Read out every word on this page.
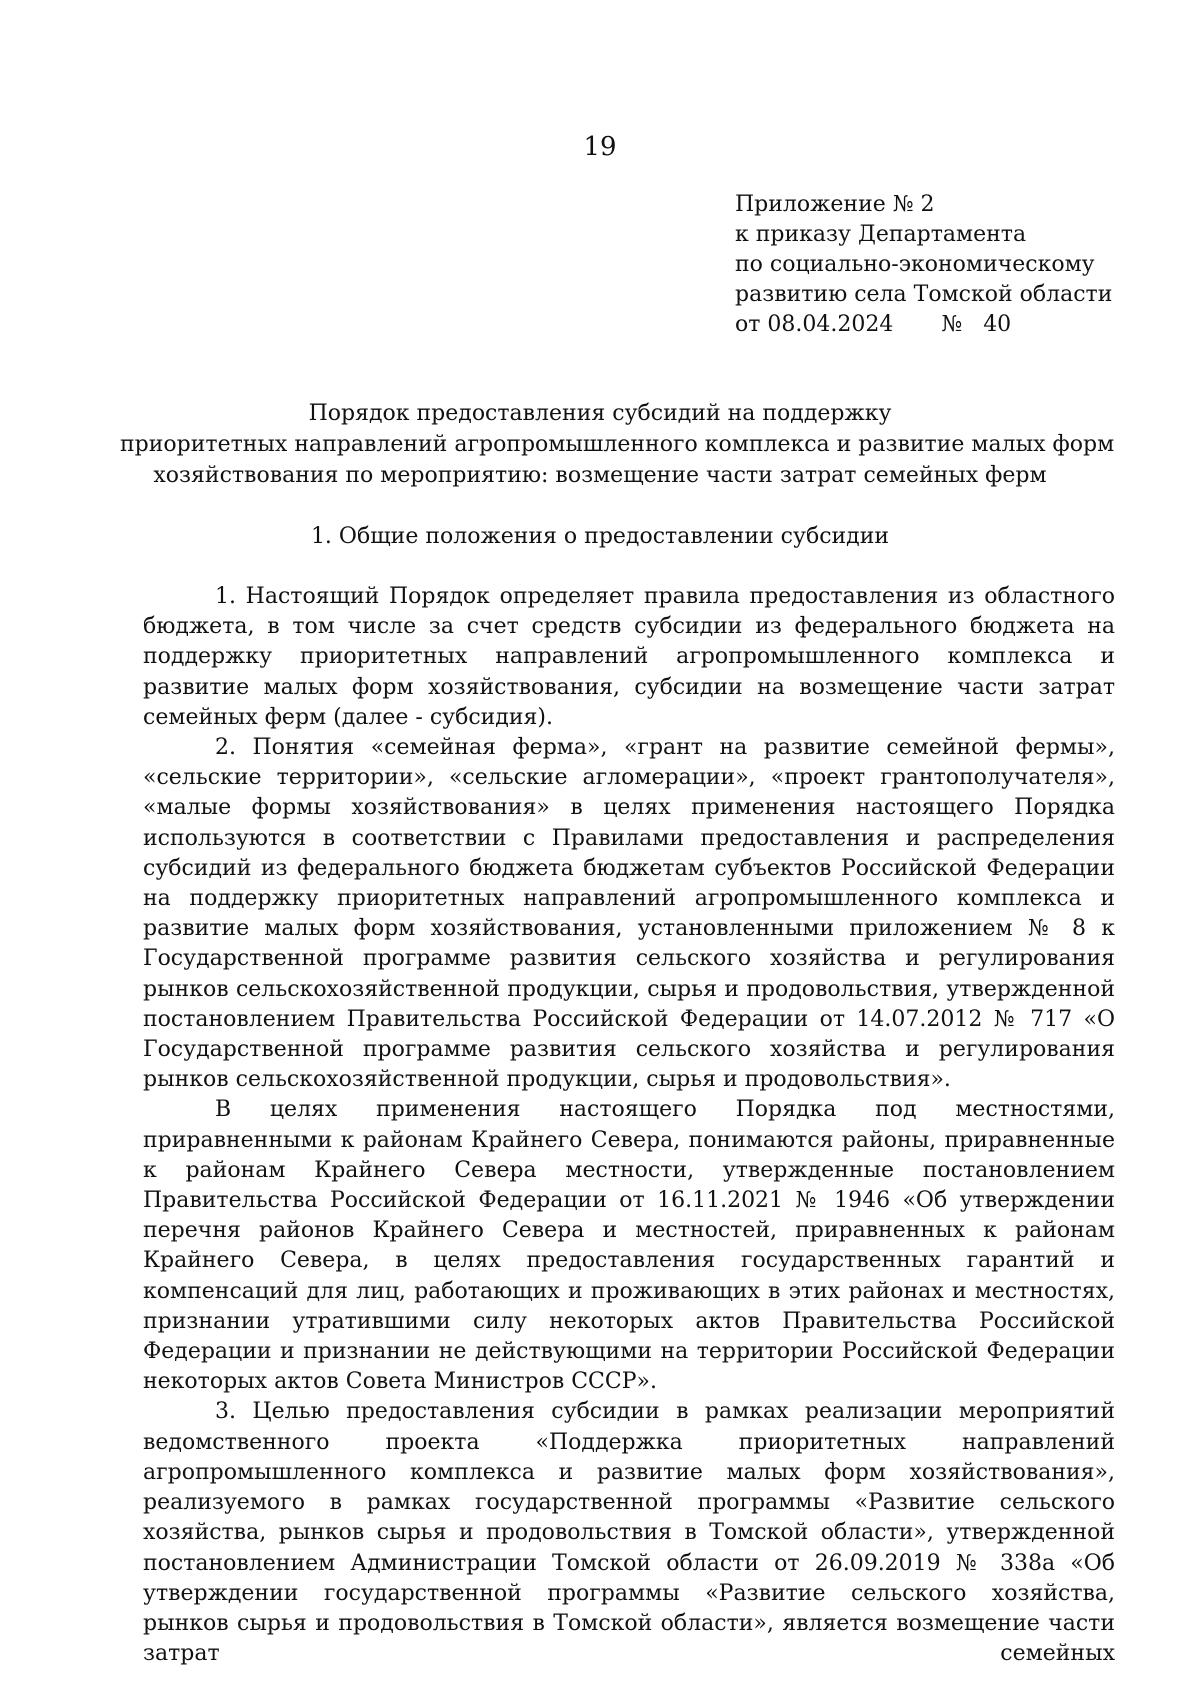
19
Приложение № 2
к приказу Департамента
по социально-экономическому
развитию села Томской области
от 08.04.2024 № 40
Порядок предоставления субсидий на поддержку
приоритетных направлений агропромышленного комплекса и развитие малых форм
хозяйствования по мероприятию: возмещение части затрат семейных ферм
1. Общие положения о предоставлении субсидии

1. Настоящий Порядок определяет правила предоставления из областного бюджета, в том числе за счет средств субсидии из федерального бюджета на поддержку приоритетных направлений агропромышленного комплекса и развитие малых форм хозяйствования, субсидии на возмещение части затрат семейных ферм (далее - субсидия).

2. Понятия «семейная ферма», «грант на развитие семейной фермы», «сельские территории», «сельские агломерации», «проект грантополучателя», «малые формы хозяйствования» в целях применения настоящего Порядка используются в соответствии с Правилами предоставления и распределения субсидий из федерального бюджета бюджетам субъектов Российской Федерации на поддержку приоритетных направлений агропромышленного комплекса и развитие малых форм хозяйствования, установленными приложением № 8 к Государственной программе развития сельского хозяйства и регулирования рынков сельскохозяйственной продукции, сырья и продовольствия, утвержденной постановлением Правительства Российской Федерации от 14.07.2012 № 717 «О Государственной программе развития сельского хозяйства и регулирования рынков сельскохозяйственной продукции, сырья и продовольствия».

В целях применения настоящего Порядка под местностями, приравненными к районам Крайнего Севера, понимаются районы, приравненные к районам Крайнего Севера местности, утвержденные постановлением Правительства Российской Федерации от 16.11.2021 № 1946 «Об утверждении перечня районов Крайнего Севера и местностей, приравненных к районам Крайнего Севера, в целях предоставления государственных гарантий и компенсаций для лиц, работающих и проживающих в этих районах и местностях, признании утратившими силу некоторых актов Правительства Российской Федерации и признании не действующими на территории Российской Федерации некоторых актов Совета Министров СССР».

3. Целью предоставления субсидии в рамках реализации мероприятий ведомственного проекта «Поддержка приоритетных направлений агропромышленного комплекса и развитие малых форм хозяйствования», реализуемого в рамках государственной программы «Развитие сельского хозяйства, рынков сырья и продовольствия в Томской области», утвержденной постановлением Администрации Томской области от 26.09.2019 № 338а «Об утверждении государственной программы «Развитие сельского хозяйства, рынков сырья и продовольствия в Томской области», является возмещение части затрат семейных
